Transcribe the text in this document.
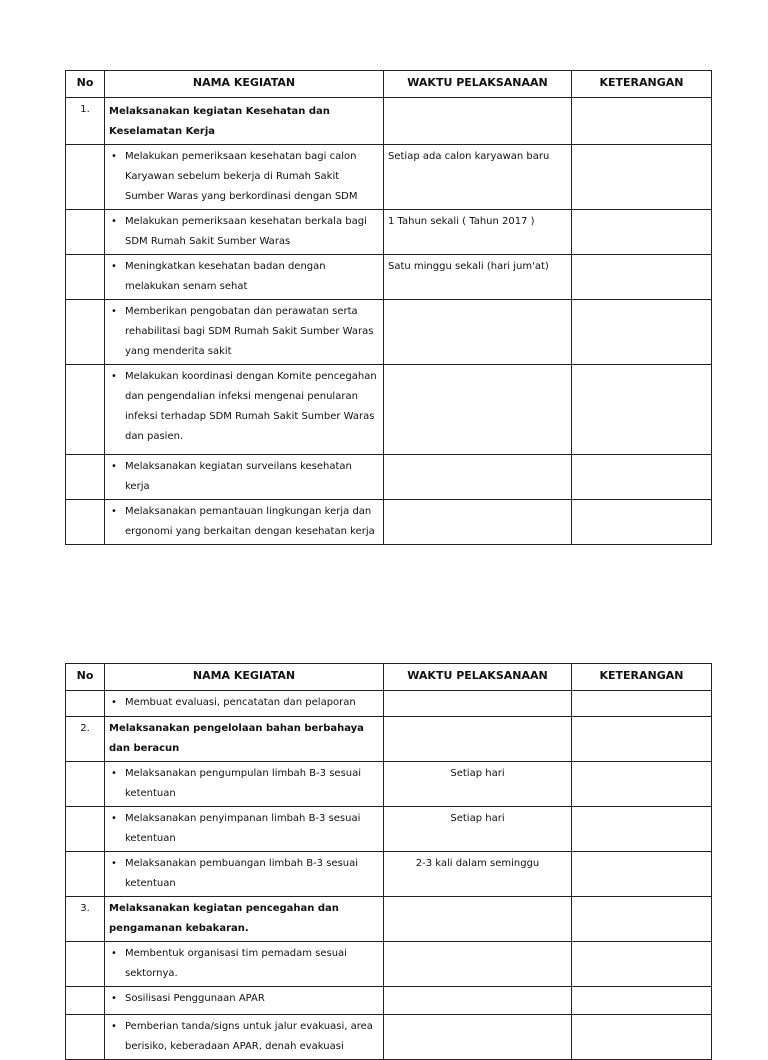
No	NAMA KEGIATAN	WAKTU PELAKSANAAN	KETERANGAN
1.	Melaksanakan kegiatan Kesehatan dan Keselamatan Kerja		

	• Melakukan pemeriksaan kesehatan bagi calon Karyawan sebelum bekerja di Rumah Sakit Sumber Waras yang berkordinasi dengan SDM	Setiap ada calon karyawan baru	

	• Melakukan pemeriksaan kesehatan berkala bagi SDM Rumah Sakit Sumber Waras	1 Tahun sekali ( Tahun 2017 )	

	• Meningkatkan kesehatan badan dengan melakukan senam sehat	Satu minggu sekali (hari jum'at)	

	• Memberikan pengobatan dan perawatan serta rehabilitasi bagi SDM Rumah Sakit Sumber Waras yang menderita sakit		

	• Melakukan koordinasi dengan Komite pencegahan dan pengendalian infeksi mengenai penularan infeksi terhadap SDM Rumah Sakit Sumber Waras dan pasien.		

	• Melaksanakan kegiatan surveilans kesehatan kerja		

	• Melaksanakan pemantauan lingkungan kerja dan ergonomi yang berkaitan dengan kesehatan kerja		

No	NAMA KEGIATAN	WAKTU PELAKSANAAN	KETERANGAN

	• Membuat evaluasi, pencatatan dan pelaporan		

2.	Melaksanakan pengelolaan bahan berbahaya dan beracun		

	• Melaksanakan pengumpulan limbah B-3 sesuai ketentuan	Setiap hari	

	• Melaksanakan penyimpanan limbah B-3 sesuai ketentuan	Setiap hari	

	• Melaksanakan pembuangan limbah B-3 sesuai ketentuan	2-3 kali dalam seminggu	
3.	Melaksanakan kegiatan pencegahan dan pengamanan kebakaran.		

	• Membentuk organisasi tim pemadam sesuai sektornya.		

	• Sosilisasi Penggunaan APAR		

	• Pemberian tanda/signs untuk jalur evakuasi, area berisiko, keberadaan APAR, denah evakuasi		
